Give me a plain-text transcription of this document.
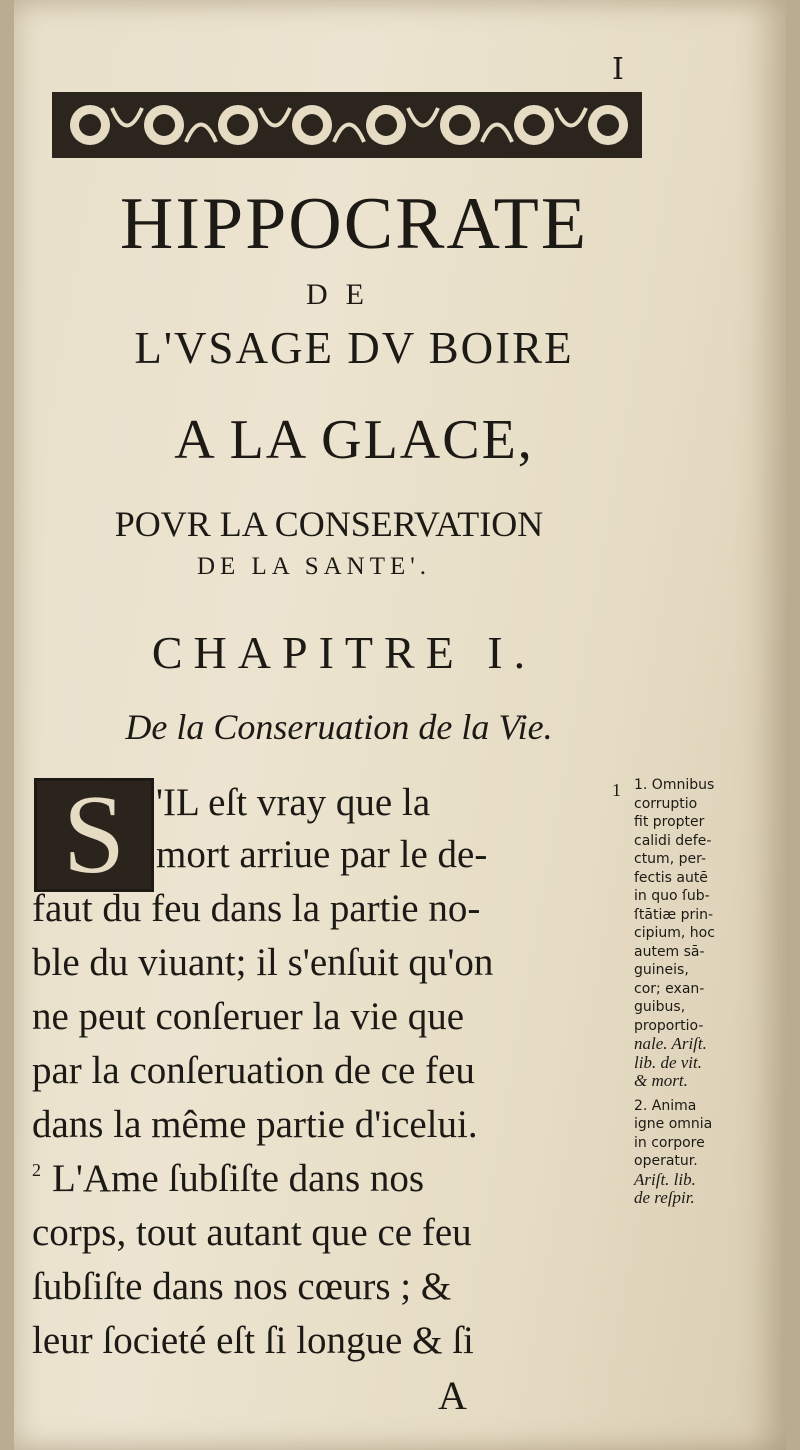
I
HIPPOCRATE
DE
L'VSAGE DV BOIRE
A LA GLACE,
POVR LA CONSERVATION
DE LA SANTE'.
CHAPITRE I.
De la Conseruation de la Vie.
S 'IL eſt vray que la	1
mort arriue par le de-
faut du feu dans la partie no-
ble du viuant; il s'enſuit qu'on
ne peut conſeruer la vie que
par la conſeruation de ce feu
dans la même partie d'icelui.
2 L'Ame ſubſiſte dans nos
corps, tout autant que ce feu
ſubſiſte dans nos cœurs ; &
leur ſocieté eſt ſi longue & ſi
1. Omnibus
corruptio
fit propter
calidi defe-
ctum, per-
fectis autē
in quo ſub-
ſtātiæ prin-
cipium, hoc
autem sā-
guineis,
cor; exan-
guibus,
proportio-
nale. Ariſt.
lib. de vit.
& mort.
2. Anima
igne omnia
in corpore
operatur.
Ariſt. lib.
de reſpir.
A
